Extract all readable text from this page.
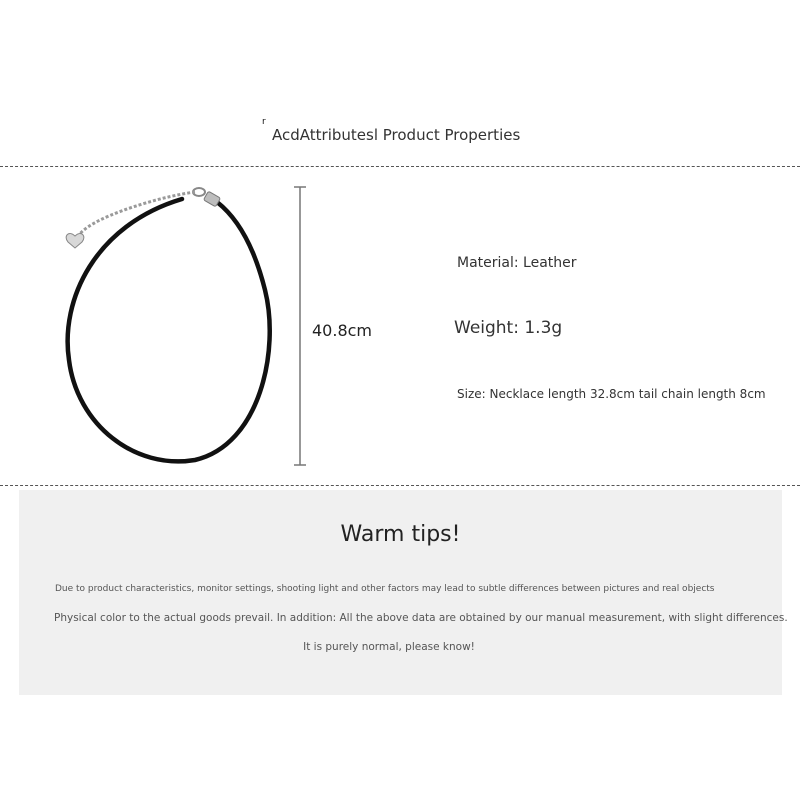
r
AcdAttributesl Product Properties
40.8cm
Material: Leather
Weight: 1.3g
Size: Necklace length 32.8cm tail chain length 8cm
Warm tips!
Due to product characteristics, monitor settings, shooting light and other factors may lead to subtle differences between pictures and real objects
Physical color to the actual goods prevail. In addition: All the above data are obtained by our manual measurement, with slight differences.
It is purely normal, please know!
